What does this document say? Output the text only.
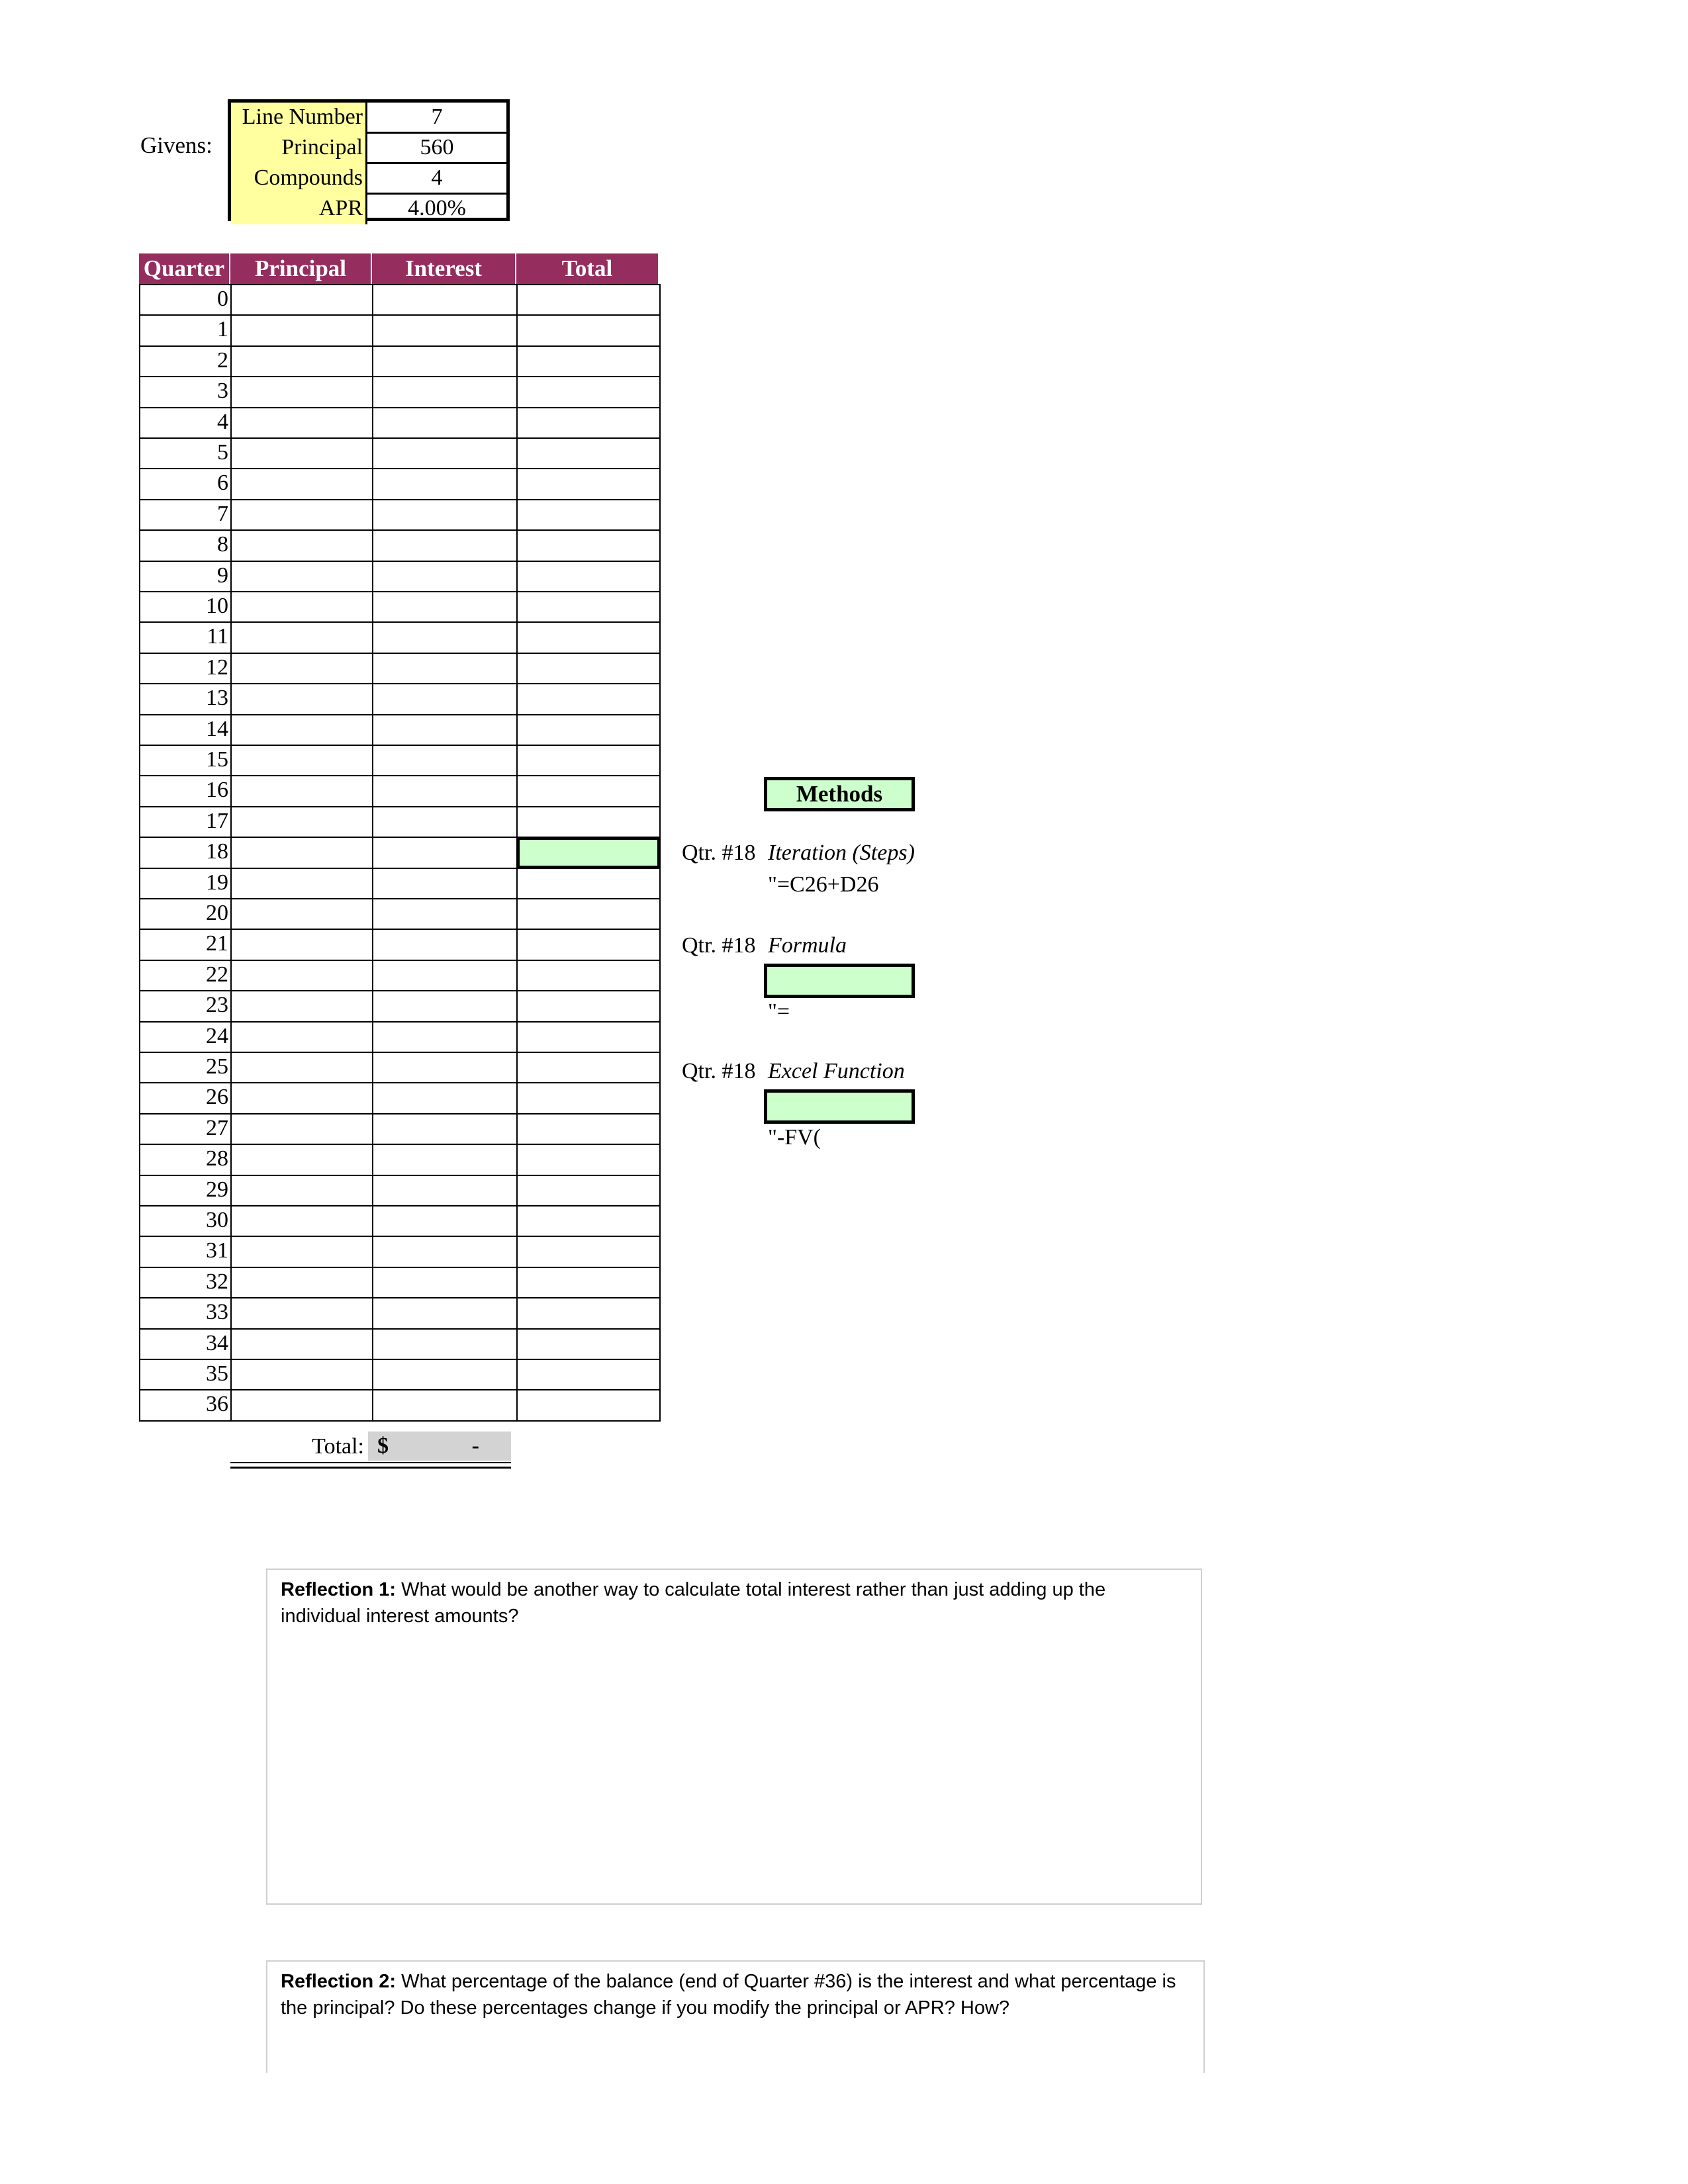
Givens:
Line Number	7
Principal	560
Compounds	4
APR	4.00%
Quarter	Principal	Interest	Total
0
1
2
3
4
5
6
7
8
9
10
11
12
13
14
15
16
17
18
19
20
21
22
23
24
25
26
27
28
29
30
31
32
33
34
35
36
Total: $	-
Methods
Qtr. #18 Iteration (Steps)
"=C26+D26
Qtr. #18 Formula
"=
Qtr. #18 Excel Function
"-FV(
Reflection 1: What would be another way to calculate total interest rather than just adding up the individual interest amounts?
Reflection 2: What percentage of the balance (end of Quarter #36) is the interest and what percentage is the principal? Do these percentages change if you modify the principal or APR? How?
